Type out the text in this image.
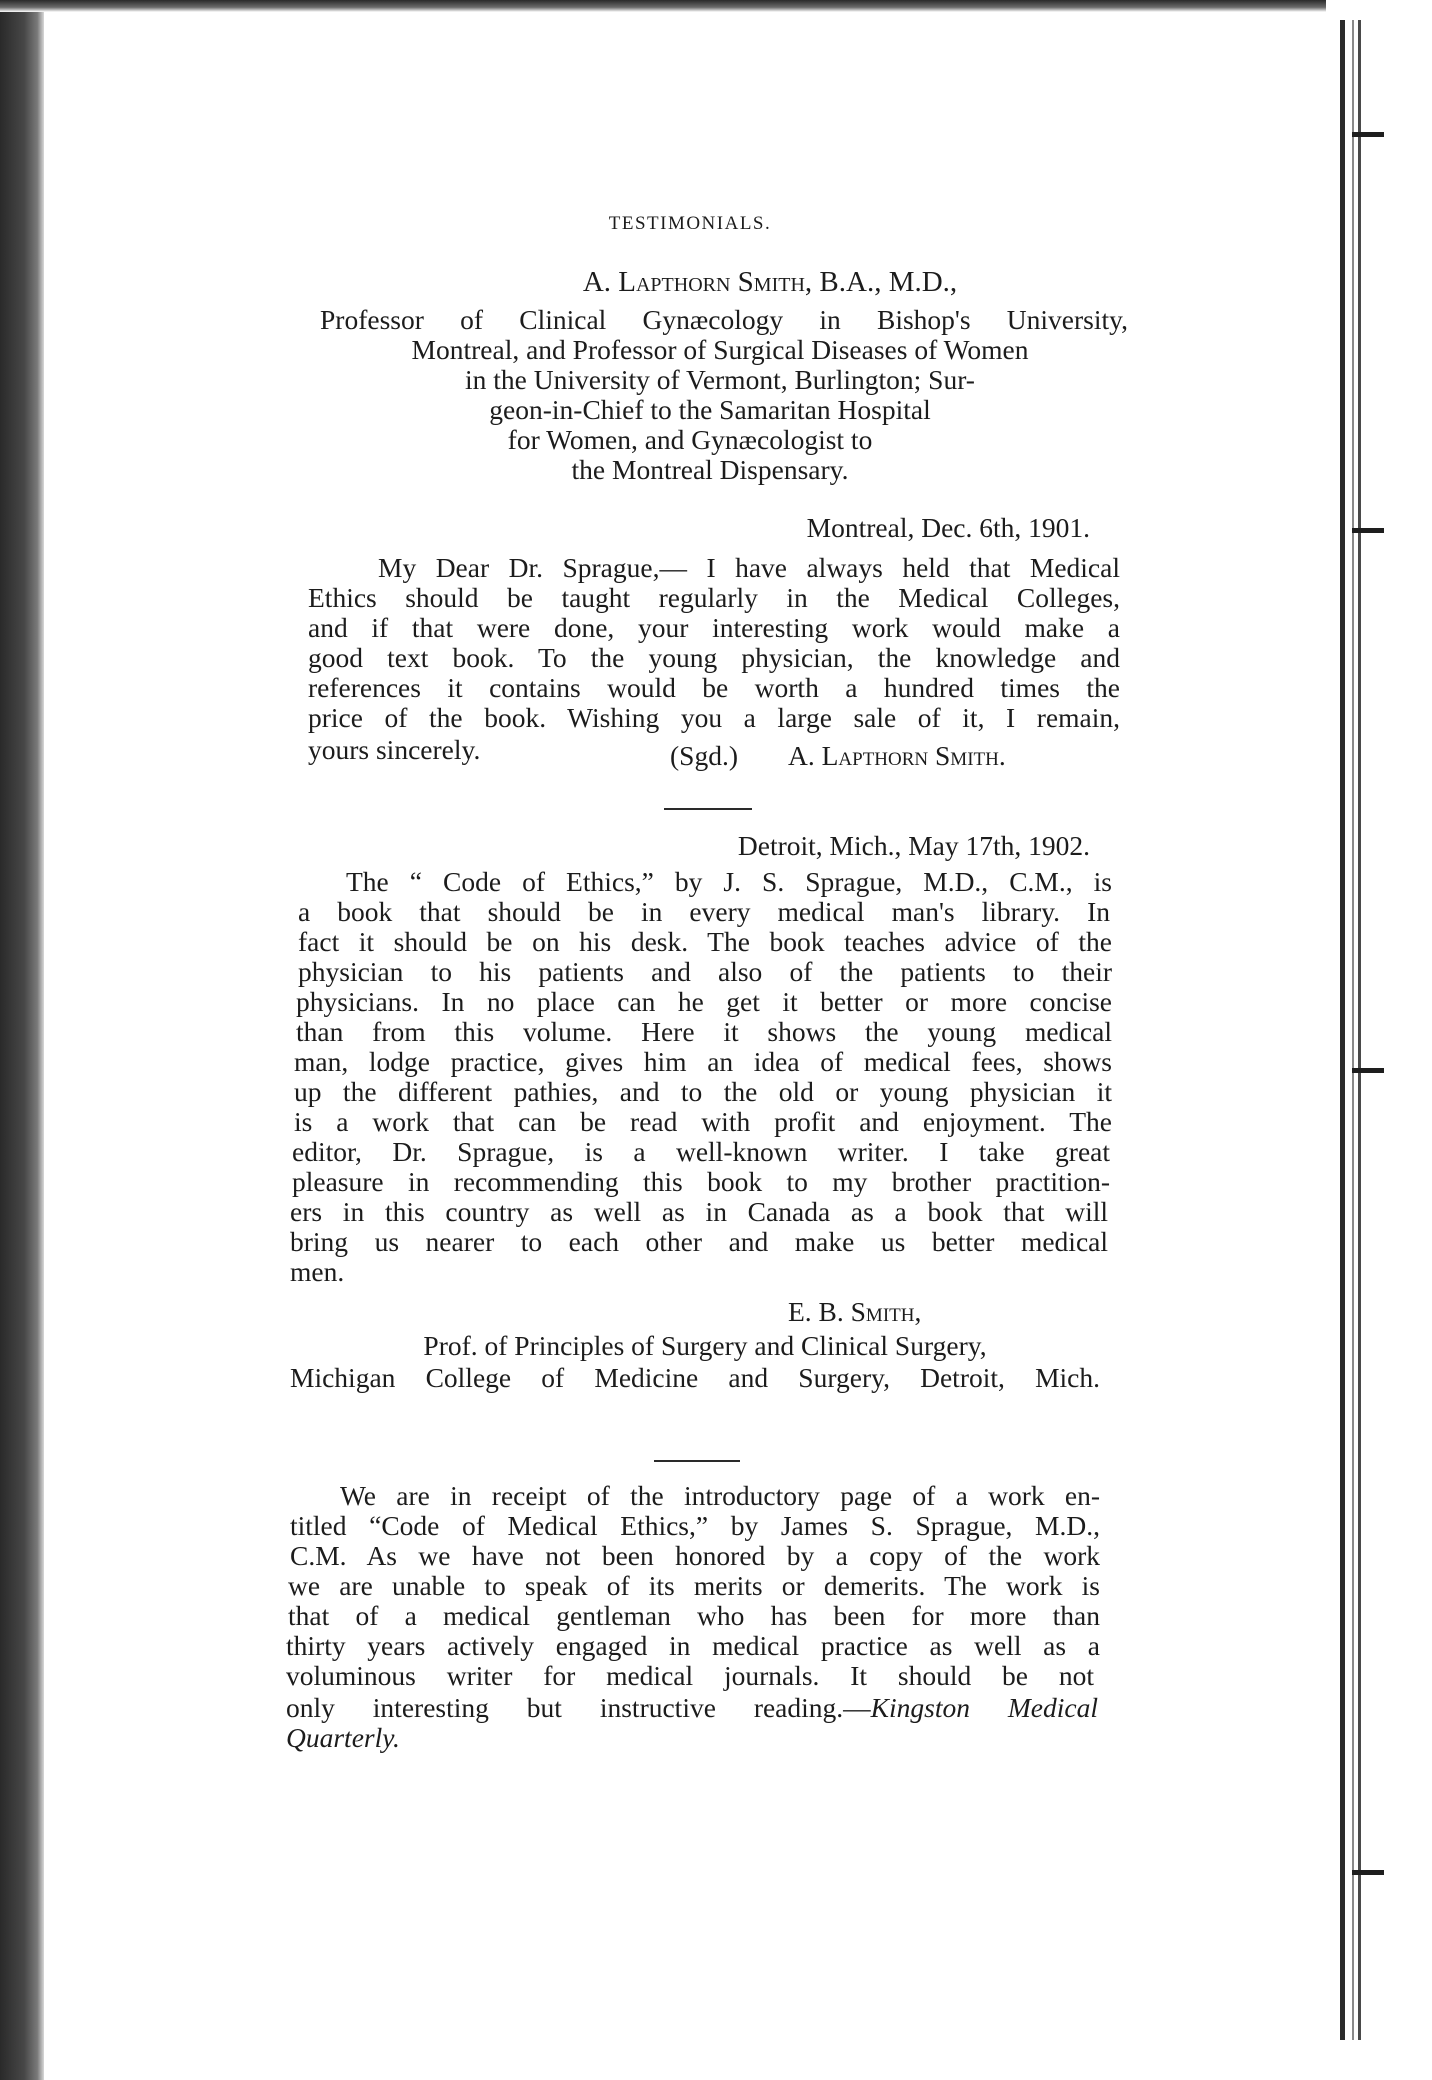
TESTIMONIALS.
A. Lapthorn Smith, B.A., M.D.,
Professor of Clinical Gynæcology in Bishop's University,
Montreal, and Professor of Surgical Diseases of Women
in the University of Vermont, Burlington; Sur-
geon-in-Chief to the Samaritan Hospital
for Women, and Gynæcologist to
the Montreal Dispensary.
Montreal, Dec. 6th, 1901.
My Dear Dr. Sprague,— I have always held that Medical
Ethics should be taught regularly in the Medical Colleges,
and if that were done, your interesting work would make a
good text book. To the young physician, the knowledge and
references it contains would be worth a hundred times the
price of the book. Wishing you a large sale of it, I remain,
yours sincerely.	(Sgd.) A. Lapthorn Smith.
Detroit, Mich., May 17th, 1902.
The “ Code of Ethics,” by J. S. Sprague, M.D., C.M., is
a book that should be in every medical man's library. In
fact it should be on his desk. The book teaches advice of the
physician to his patients and also of the patients to their
physicians. In no place can he get it better or more concise
than from this volume. Here it shows the young medical
man, lodge practice, gives him an idea of medical fees, shows
up the different pathies, and to the old or young physician it
is a work that can be read with profit and enjoyment. The
editor, Dr. Sprague, is a well-known writer. I take great
pleasure in recommending this book to my brother practition-
ers in this country as well as in Canada as a book that will
bring us nearer to each other and make us better medical
men.
E. B. Smith,
Prof. of Principles of Surgery and Clinical Surgery,
Michigan College of Medicine and Surgery, Detroit, Mich.
We are in receipt of the introductory page of a work en-
titled “Code of Medical Ethics,” by James S. Sprague, M.D.,
C.M. As we have not been honored by a copy of the work
we are unable to speak of its merits or demerits. The work is
that of a medical gentleman who has been for more than
thirty years actively engaged in medical practice as well as a
voluminous writer for medical journals. It should be not
only interesting but instructive reading.—Kingston Medical
Quarterly.
